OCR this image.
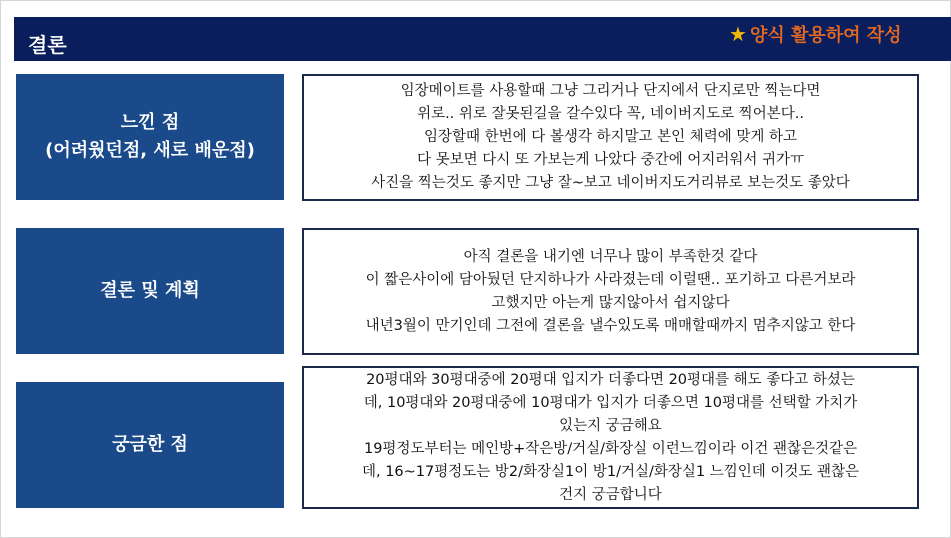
결론	★ 양식 활용하여 작성
느낀 점
(어려웠던점, 새로 배운점)
임장메이트를 사용할때 그냥 그리거나 단지에서 단지로만 찍는다면
위로.. 위로 잘못된길을 갈수있다 꼭, 네이버지도로 찍어본다..
임장할때 한번에 다 볼생각 하지말고 본인 체력에 맞게 하고
다 못보면 다시 또 가보는게 나았다 중간에 어지러워서 귀가ㅠ
사진을 찍는것도 좋지만 그냥 잘~보고 네이버지도거리뷰로 보는것도 좋았다
결론 및 계획
아직 결론을 내기엔 너무나 많이 부족한것 같다
이 짧은사이에 담아뒀던 단지하나가 사라졌는데 이럴땐.. 포기하고 다른거보라
고했지만 아는게 많지않아서 쉽지않다
내년3월이 만기인데 그전에 결론을 낼수있도록 매매할때까지 멈추지않고 한다
궁금한 점
20평대와 30평대중에 20평대 입지가 더좋다면 20평대를 해도 좋다고 하셨는
데, 10평대와 20평대중에 10평대가 입지가 더좋으면 10평대를 선택할 가치가
있는지 궁금해요
19평정도부터는 메인방+작은방/거실/화장실 이런느낌이라 이건 괜찮은것같은
데, 16~17평정도는 방2/화장실1이 방1/거실/화장실1 느낌인데 이것도 괜찮은
건지 궁금합니다
